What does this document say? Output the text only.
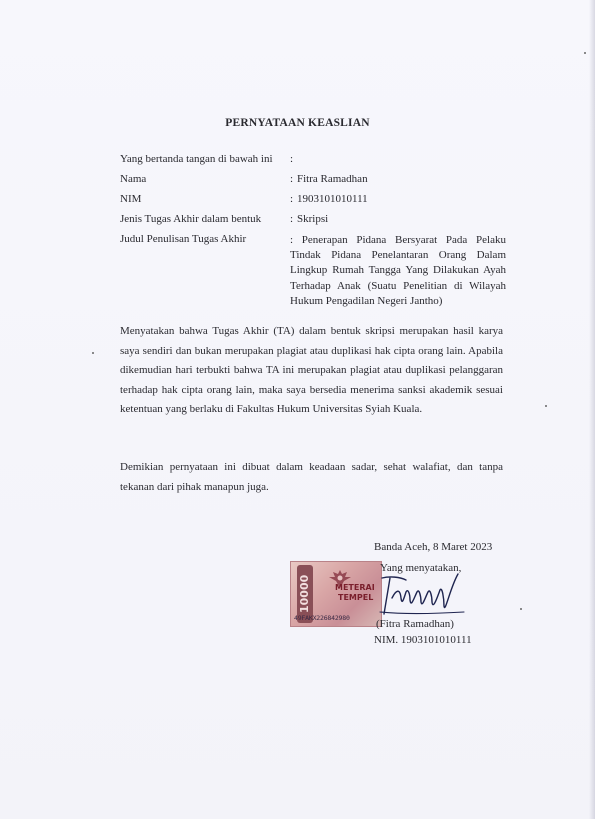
PERNYATAAN KEASLIAN
Yang bertanda tangan di bawah ini :
Nama	: Fitra Ramadhan
NIM	: 1903101010111
Jenis Tugas Akhir dalam bentuk	: Skripsi
Judul Penulisan Tugas Akhir	: Penerapan Pidana Bersyarat Pada Pelaku Tindak Pidana Penelantaran Orang Dalam Lingkup Rumah Tangga Yang Dilakukan Ayah Terhadap Anak (Suatu Penelitian di Wilayah Hukum Pengadilan Negeri Jantho)
Menyatakan bahwa Tugas Akhir (TA) dalam bentuk skripsi merupakan hasil karya saya sendiri dan bukan merupakan plagiat atau duplikasi hak cipta orang lain. Apabila dikemudian hari terbukti bahwa TA ini merupakan plagiat atau duplikasi pelanggaran terhadap hak cipta orang lain, maka saya bersedia menerima sanksi akademik sesuai ketentuan yang berlaku di Fakultas Hukum Universitas Syiah Kuala.
Demikian pernyataan ini dibuat dalam keadaan sadar, sehat walafiat, dan tanpa tekanan dari pihak manapun juga.
Banda Aceh, 8 Maret 2023
10000	METERAI
TEMPEL
49FAKX226842980
Yang menyatakan,
(Fitra Ramadhan)
NIM. 1903101010111
